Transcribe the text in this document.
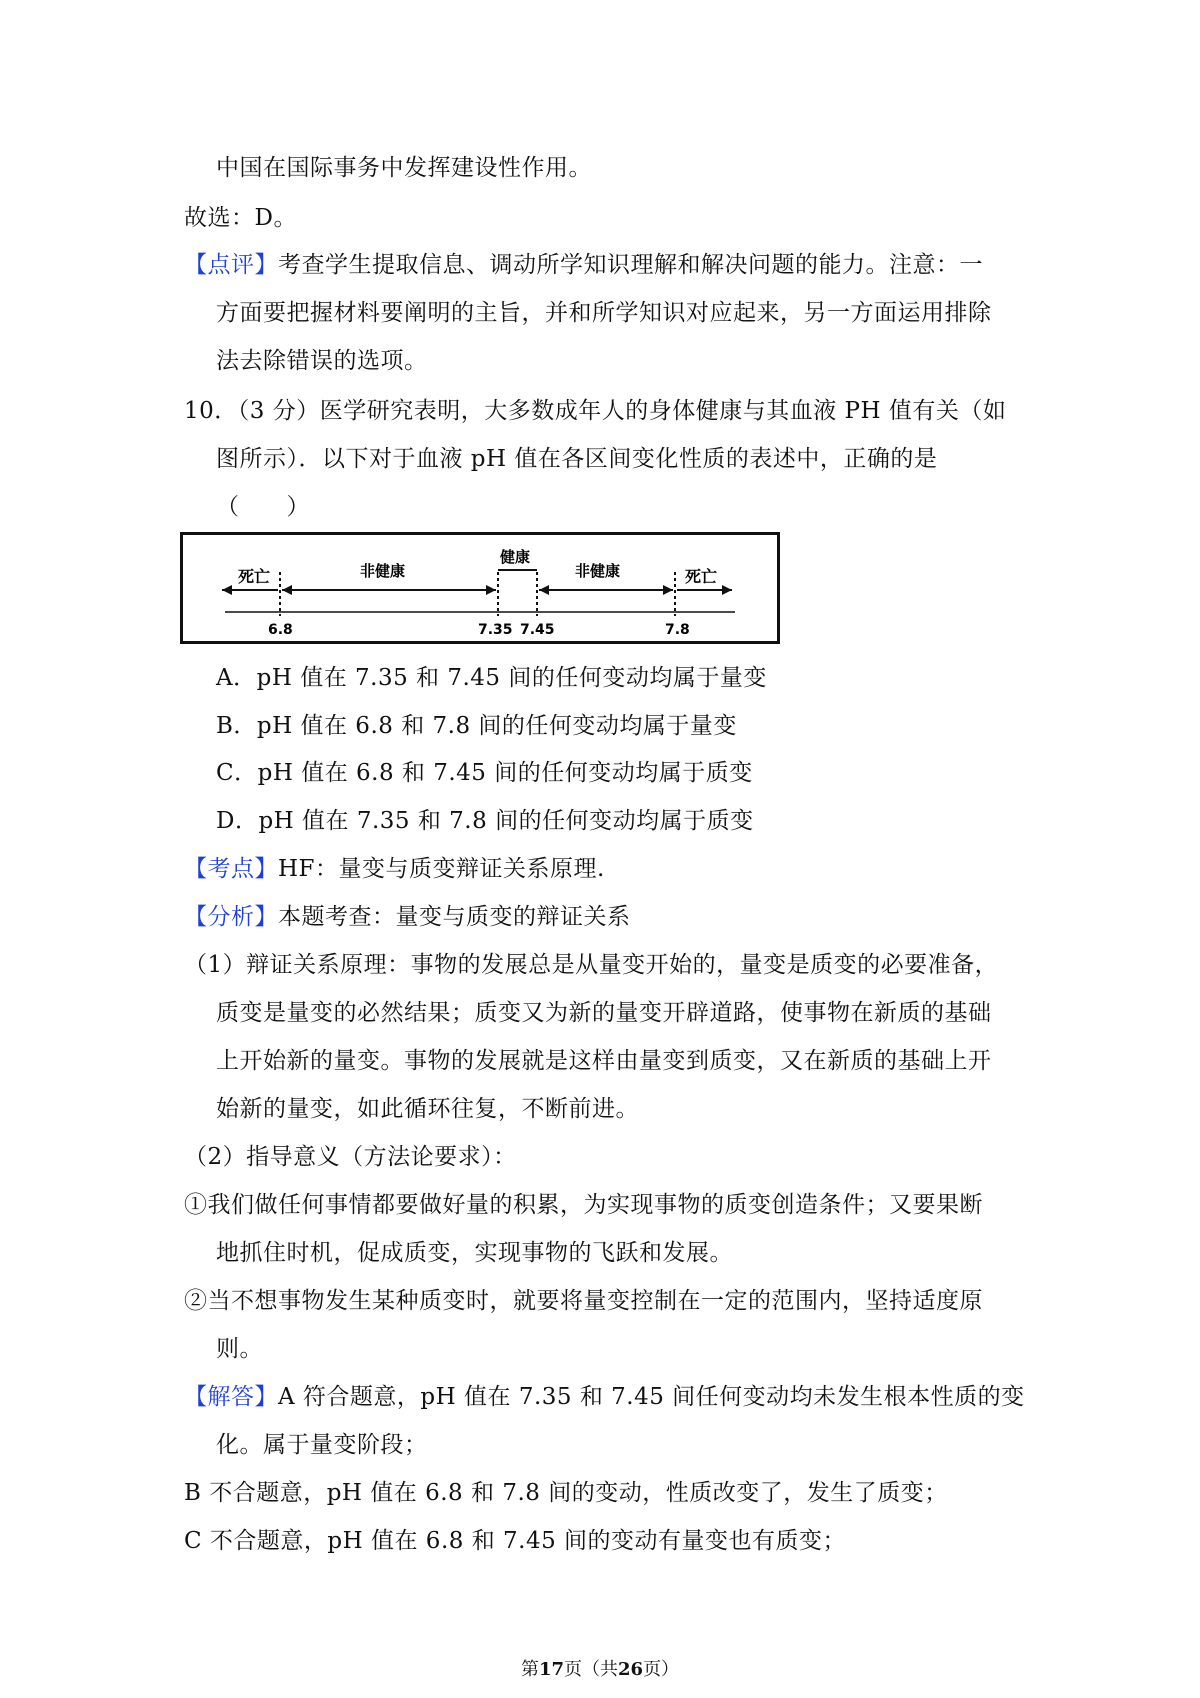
中国在国际事务中发挥建设性作用。
故选：D。
【点评】考查学生提取信息、调动所学知识理解和解决问题的能力。注意：一
方面要把握材料要阐明的主旨，并和所学知识对应起来，另一方面运用排除
法去除错误的选项。
10．（3 分）医学研究表明，大多数成年人的身体健康与其血液 PH 值有关（如
图所示）．以下对于血液 pH 值在各区间变化性质的表述中，正确的是
（　　）
死亡	非健康
健康
非健康	死亡
6.8	7.35 7.45	7.8
A．pH 值在 7.35 和 7.45 间的任何变动均属于量变
B．pH 值在 6.8 和 7.8 间的任何变动均属于量变
C．pH 值在 6.8 和 7.45 间的任何变动均属于质变
D．pH 值在 7.35 和 7.8 间的任何变动均属于质变
【考点】HF：量变与质变辩证关系原理.
【分析】本题考查：量变与质变的辩证关系
（1）辩证关系原理：事物的发展总是从量变开始的，量变是质变的必要准备，
质变是量变的必然结果；质变又为新的量变开辟道路，使事物在新质的基础
上开始新的量变。事物的发展就是这样由量变到质变，又在新质的基础上开
始新的量变，如此循环往复，不断前进。
（2）指导意义（方法论要求）：
①我们做任何事情都要做好量的积累，为实现事物的质变创造条件；又要果断
地抓住时机，促成质变，实现事物的飞跃和发展。
②当不想事物发生某种质变时，就要将量变控制在一定的范围内，坚持适度原
则。
【解答】A 符合题意，pH 值在 7.35 和 7.45 间任何变动均未发生根本性质的变
化。属于量变阶段；
B 不合题意，pH 值在 6.8 和 7.8 间的变动，性质改变了，发生了质变；
C 不合题意，pH 值在 6.8 和 7.45 间的变动有量变也有质变；
第17页（共26页）
